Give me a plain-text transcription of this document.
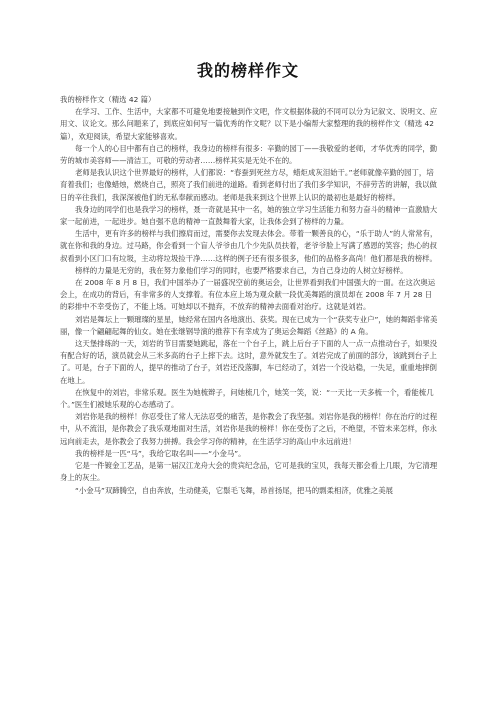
我的榜样作文

我的榜样作文（精选 42 篇）

在学习、工作、生活中，大家都不可避免地要接触到作文吧，作文根据体裁的不同可以分为记叙文、说明文、应用文、议论文。那么问题来了，到底应如何写一篇优秀的作文呢？以下是小编帮大家整理的我的榜样作文（精选 42 篇），欢迎阅读，希望大家能够喜欢。

每一个人的心目中都有自己的榜样，我身边的榜样有很多：辛勤的园丁——我敬爱的老师，才华优秀的同学，勤劳的城市美容师——清洁工，可敬的劳动者……榜样其实是无处不在的。

老师是我认识这个世界最好的榜样，人们都说：“春蚕到死丝方尽，蜡炬成灰泪始干。”老师就像辛勤的园丁，培育着我们；也像蜡烛，燃烧自己，照亮了我们前进的道路。看到老师付出了我们多学知识，不辞劳苦的讲解，我以做日的辛往我们，我深深被他们的无私奉献而感动。老师是我来到这个世界上认识的最初也是最好的榜样。

我身边的同学们也是我学习的榜样，聂一奇就是其中一名，她的独立学习生活能力和努力奋斗的精神一直激励大家一起前进，一起进步。她自强不息的精神一直鼓舞着大家，让我体会到了榜样的力量。

生活中，更有许多的榜样与我们擦肩而过，需要你去发现去体会。带着一颗善良的心，“乐于助人”的人常常有，就在你和我的身边。过马路，你会看到一个盲人爷爷由几个少先队员扶着，老爷爷脸上写满了感恩的笑容；热心的叔叔看到小区门口有垃圾，主动将垃圾捡干净……这样的例子还有很多很多，他们的品格多高尚！他们都是我的榜样。

榜样的力量是无穷的，我在努力象他们学习的同时，也要严格要求自己，为自己身边的人树立好榜样。

在 2008 年 8 月 8 日，我们中国举办了一届盛况空前的奥运会，让世界看到我们中国强大的一面。在这次奥运会上，在成功的背后，有非常多的人支撑着。有位本应上场为观众献一段优美舞蹈的演员却在 2008 年 7 月 28 日的彩排中不幸受伤了，不能上场。可她却以不抛弃，不放弃的精神去面看对治疗。这就是刘岩。

刘岩是舞坛上一颗璀璨的星星，她经常在国内各地演出、获奖。现在已成为一个“获奖专业户”，她的舞蹈非常美丽，像一个翩翩起舞的仙女。她在张继钢导演的推荐下有幸成为了奥运会舞蹈《丝路》的 A 角。

这天堡排练的一天，刘岩的节目需要她跳起，落在一个台子上，跳上后台子下面的人一点一点推动台子，如果没有配合好的话，演员就会从三米多高的台子上摔下去。这时，意外就发生了。刘岩完成了前面的部分，该跳到台子上了。可是，台子下面的人，提早的推动了台子，刘岩还没落脚，车已经动了，刘岩一个没站稳，一失足，重重地摔倒在地上。

在恢复中的刘岩，非常乐观。医生为她梳辫子，问她梳几个，她笑一笑，说：“一天比一天多梳一个，看能梳几个。”医生们被她乐观的心态感动了。

刘岩你是我的榜样！你忍受住了常人无法忍受的痛苦，是你教会了我坚强。刘岩你是我的榜样！你在治疗的过程中，从不流泪，是你教会了我乐观地面对生活，刘岩你是我的榜样！你在受伤了之后，不绝望，不管未来怎样，你永远向前走去，是你教会了我努力拼搏。我会学习你的精神，在生活学习的高山中永远前进！

我的榜样是一匹“马”，我给它取名叫——“小金马”。

它是一件镀金工艺品，是第一届汉江龙舟大会的贵宾纪念品，它可是我的宝贝，我每天都会看上几眼，为它清理身上的灰尘。

“小金马”双蹄腾空，自由奔放，生动健美，它鬃毛飞舞，昂首扬尾，把马的剽柔相济，优雅之美展
